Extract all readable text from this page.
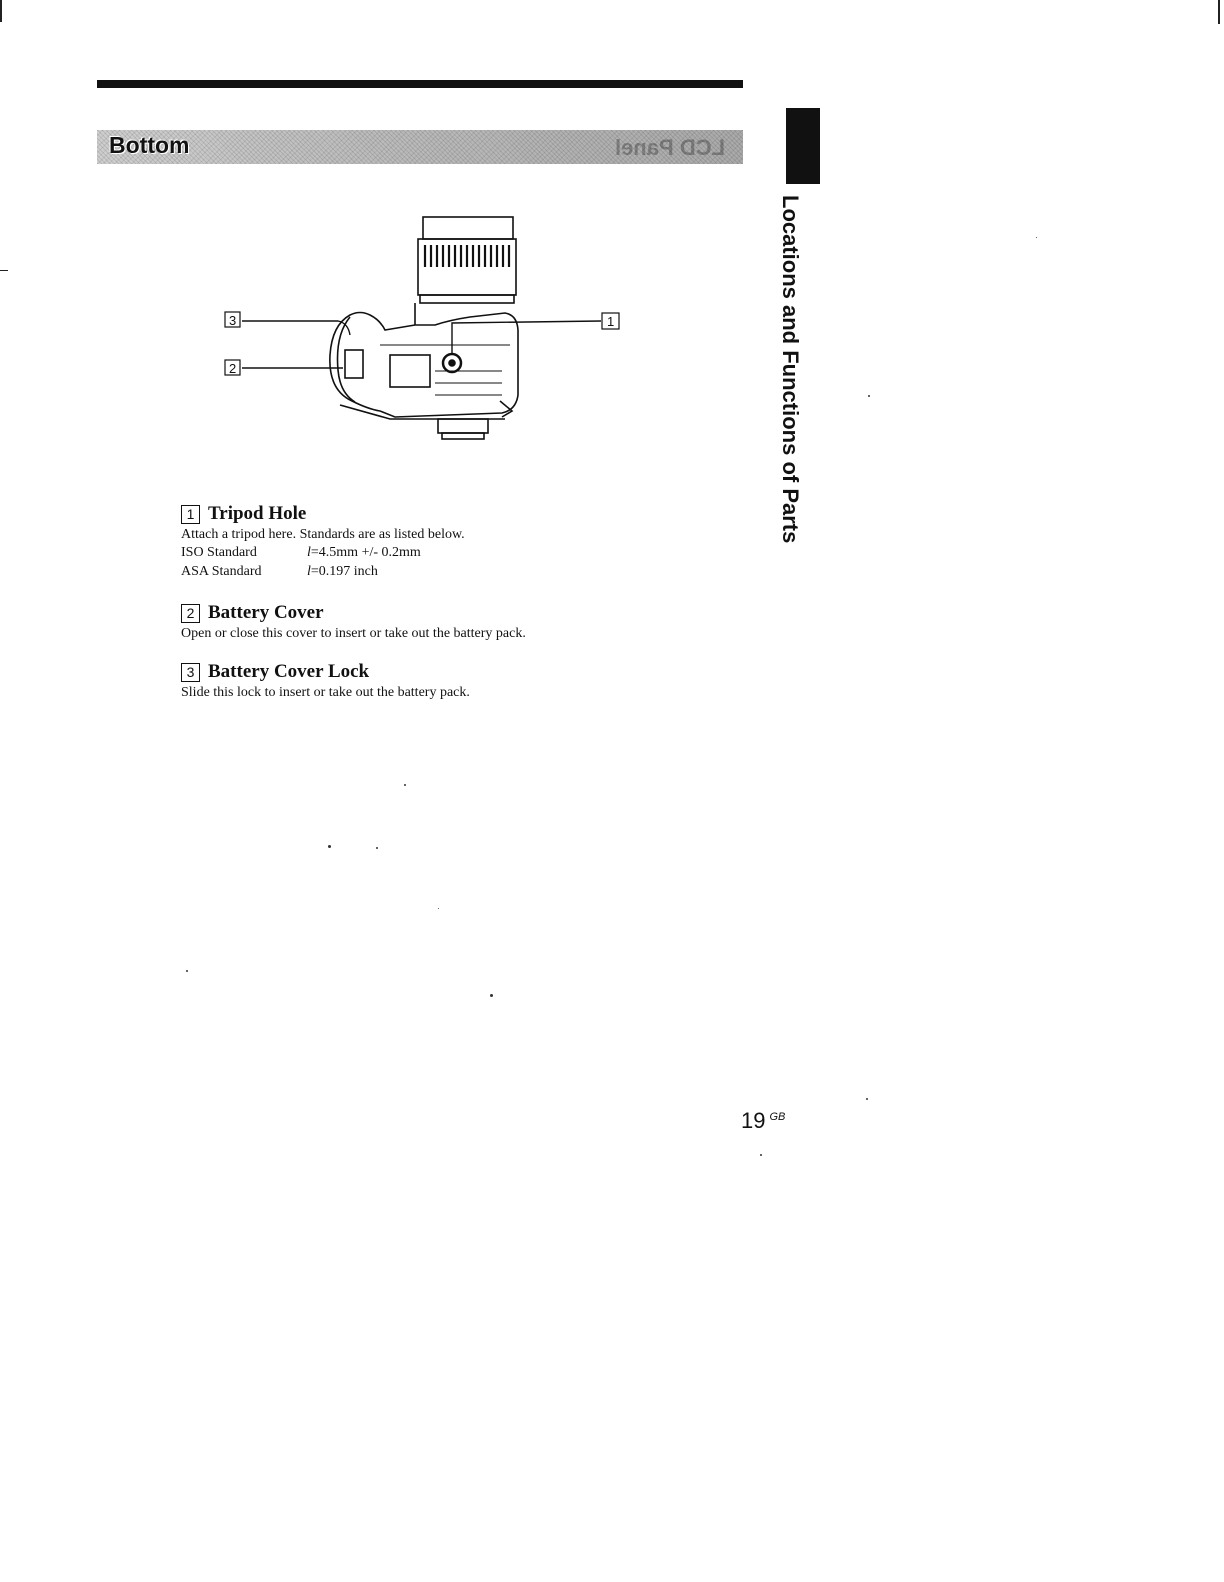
Bottom	LCD Panel
Locations and Functions of Parts
3
2
1
1 Tripod Hole
Attach a tripod here. Standards are as listed below.
ISO Standard	l=4.5mm +/- 0.2mm
ASA Standard	l=0.197 inch
2 Battery Cover
Open or close this cover to insert or take out the battery pack.
3 Battery Cover Lock
Slide this lock to insert or take out the battery pack.
19 $^{GB}$
